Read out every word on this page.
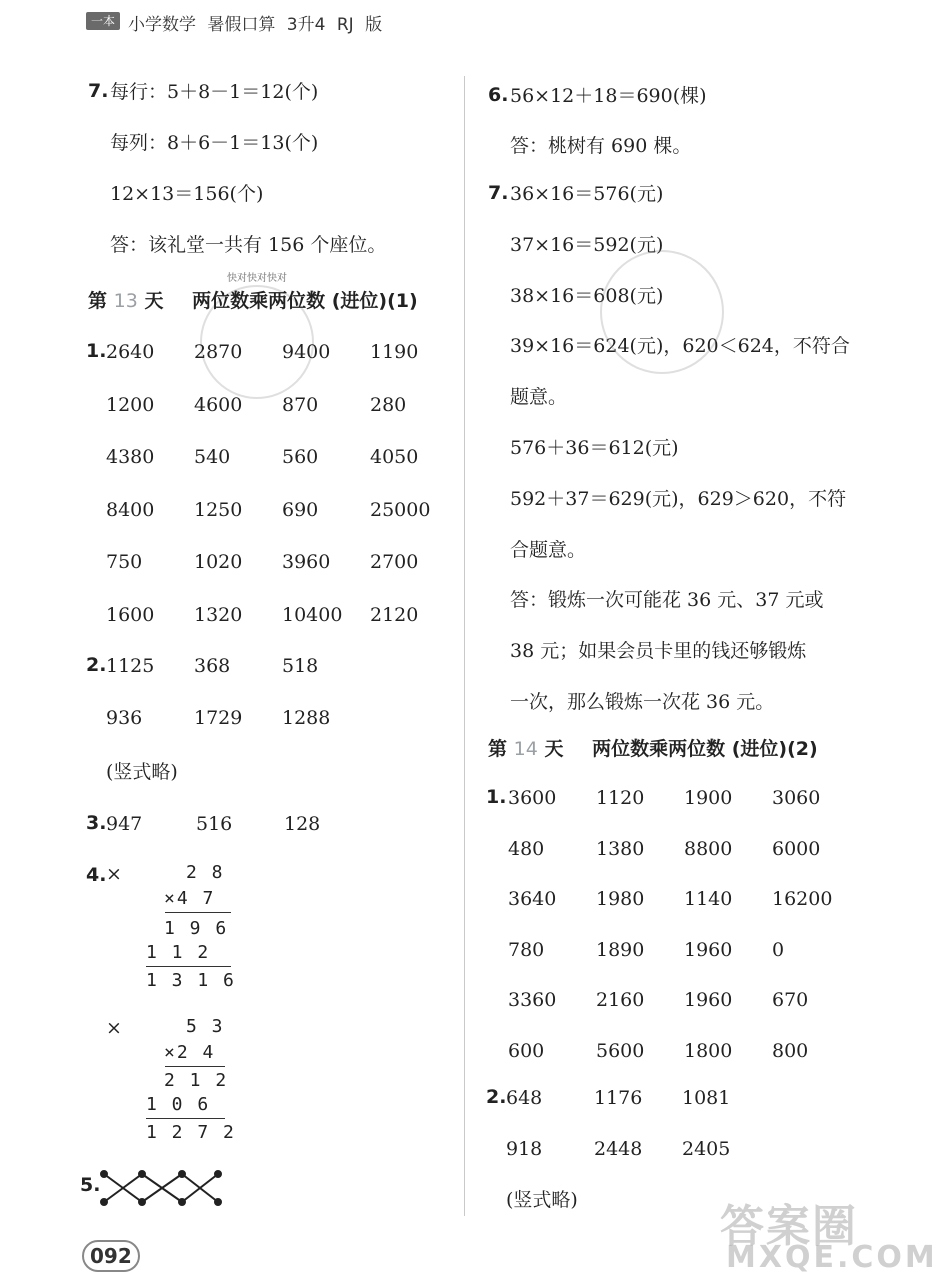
一本 小学数学 暑假口算 3升4 RJ 版
7. 每行：5＋8－1＝12(个)
每列：8＋6－1＝13(个)
12×13＝156(个)
答：该礼堂一共有 156 个座位。
快对快对快对
第 13 天 两位数乘两位数 (进位)(1)
1. 2640 2870 9400 1190
1200 4600 870	280
4380 540	560	4050
8400 1250 690	25000
750	1020 3960 2700
1600 1320 10400 2120
2. 1125 368	518
936	1729 1288
(竖式略)
3. 947	516	128
4. ×	2 8
×4 7
1 9 6
1 1 2
1 3 1 6
×	5 3
×2 4
2 1 2
1 0 6
1 2 7 2
5.
6. 56×12＋18＝690(棵)
答：桃树有 690 棵。
7. 36×16＝576(元)
37×16＝592(元)
38×16＝608(元)
39×16＝624(元)，620＜624，不符合
题意。
576＋36＝612(元)
592＋37＝629(元)，629＞620，不符
合题意。
答：锻炼一次可能花 36 元、37 元或
38 元；如果会员卡里的钱还够锻炼
一次，那么锻炼一次花 36 元。
第 14 天 两位数乘两位数 (进位)(2)
1. 3600 1120 1900 3060
480	1380 8800 6000
3640 1980 1140 16200
780	1890 1960 0
3360 2160 1960 670
600	5600 1800 800
2. 648	1176 1081
918	2448 2405
(竖式略)
092
答案圈
MXQE.COM
